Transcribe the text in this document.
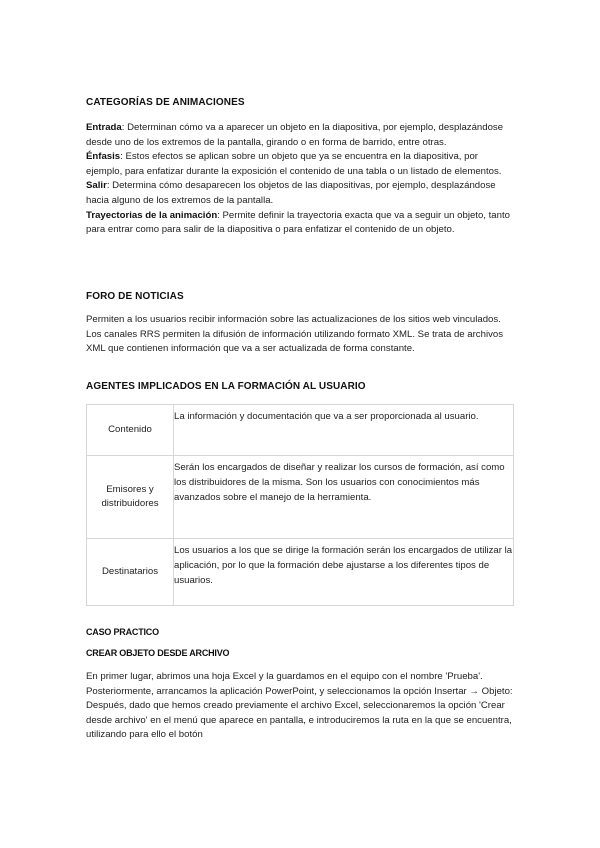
CATEGORÍAS DE ANIMACIONES
Entrada: Determinan cómo va a aparecer un objeto en la diapositiva, por ejemplo, desplazándose desde uno de los extremos de la pantalla, girando o en forma de barrido, entre otras.
Énfasis: Estos efectos se aplican sobre un objeto que ya se encuentra en la diapositiva, por ejemplo, para enfatizar durante la exposición el contenido de una tabla o un listado de elementos.
Salir: Determina cómo desaparecen los objetos de las diapositivas, por ejemplo, desplazándose hacia alguno de los extremos de la pantalla.
Trayectorias de la animación: Permite definir la trayectoria exacta que va a seguir un objeto, tanto para entrar como para salir de la diapositiva o para enfatizar el contenido de un objeto.
FORO DE NOTICIAS
Permiten a los usuarios recibir información sobre las actualizaciones de los sitios web vinculados. Los canales RRS permiten la difusión de información utilizando formato XML. Se trata de archivos XML que contienen información que va a ser actualizada de forma constante.
AGENTES IMPLICADOS EN LA FORMACIÓN AL USUARIO
Contenido	La información y documentación que va a ser proporcionada al usuario.
Emisores y distribuidores	Serán los encargados de diseñar y realizar los cursos de formación, así como los distribuidores de la misma. Son los usuarios con conocimientos más avanzados sobre el manejo de la herramienta.
Destinatarios	Los usuarios a los que se dirige la formación serán los encargados de utilizar la aplicación, por lo que la formación debe ajustarse a los diferentes tipos de usuarios.
CASO PRACTICO
CREAR OBJETO DESDE ARCHIVO
En primer lugar, abrimos una hoja Excel y la guardamos en el equipo con el nombre 'Prueba'. Posteriormente, arrancamos la aplicación PowerPoint, y seleccionamos la opción Insertar → Objeto: Después, dado que hemos creado previamente el archivo Excel, seleccionaremos la opción 'Crear desde archivo' en el menú que aparece en pantalla, e introduciremos la ruta en la que se encuentra, utilizando para ello el botón
